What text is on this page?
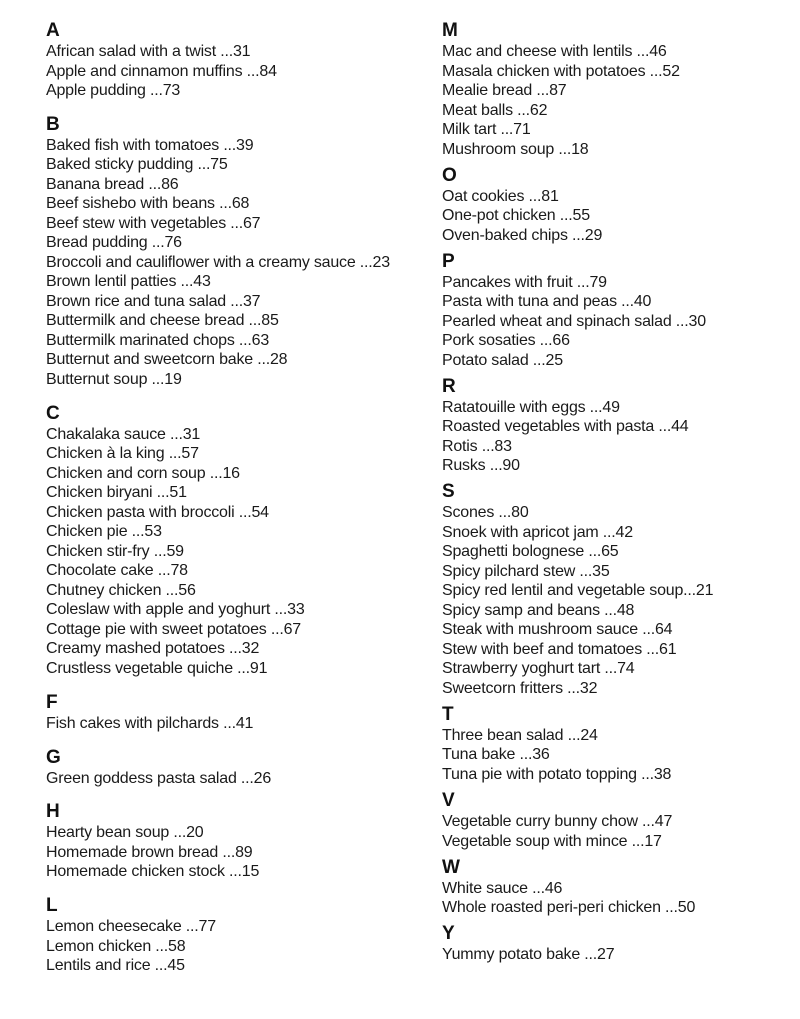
A
African salad with a twist ...31
Apple and cinnamon muffins ...84
Apple pudding ...73
B
Baked fish with tomatoes ...39
Baked sticky pudding ...75
Banana bread ...86
Beef sishebo with beans ...68
Beef stew with vegetables ...67
Bread pudding ...76
Broccoli and cauliflower with a creamy sauce ...23
Brown lentil patties ...43
Brown rice and tuna salad ...37
Buttermilk and cheese bread ...85
Buttermilk marinated chops ...63
Butternut and sweetcorn bake ...28
Butternut soup ...19
C
Chakalaka sauce ...31
Chicken à la king ...57
Chicken and corn soup ...16
Chicken biryani ...51
Chicken pasta with broccoli ...54
Chicken pie ...53
Chicken stir-fry ...59
Chocolate cake ...78
Chutney chicken ...56
Coleslaw with apple and yoghurt ...33
Cottage pie with sweet potatoes ...67
Creamy mashed potatoes ...32
Crustless vegetable quiche ...91
F
Fish cakes with pilchards ...41
G
Green goddess pasta salad ...26
H
Hearty bean soup ...20
Homemade brown bread ...89
Homemade chicken stock ...15
L
Lemon cheesecake ...77
Lemon chicken ...58
Lentils and rice ...45
M
Mac and cheese with lentils ...46
Masala chicken with potatoes ...52
Mealie bread ...87
Meat balls ...62
Milk tart ...71
Mushroom soup ...18
O
Oat cookies ...81
One-pot chicken ...55
Oven-baked chips ...29
P
Pancakes with fruit ...79
Pasta with tuna and peas ...40
Pearled wheat and spinach salad ...30
Pork sosaties ...66
Potato salad ...25
R
Ratatouille with eggs ...49
Roasted vegetables with pasta ...44
Rotis ...83
Rusks ...90
S
Scones ...80
Snoek with apricot jam ...42
Spaghetti bolognese ...65
Spicy pilchard stew ...35
Spicy red lentil and vegetable soup...21
Spicy samp and beans ...48
Steak with mushroom sauce ...64
Stew with beef and tomatoes ...61
Strawberry yoghurt tart ...74
Sweetcorn fritters ...32
T
Three bean salad ...24
Tuna bake ...36
Tuna pie with potato topping ...38
V
Vegetable curry bunny chow ...47
Vegetable soup with mince ...17
W
White sauce ...46
Whole roasted peri-peri chicken ...50
Y
Yummy potato bake ...27
